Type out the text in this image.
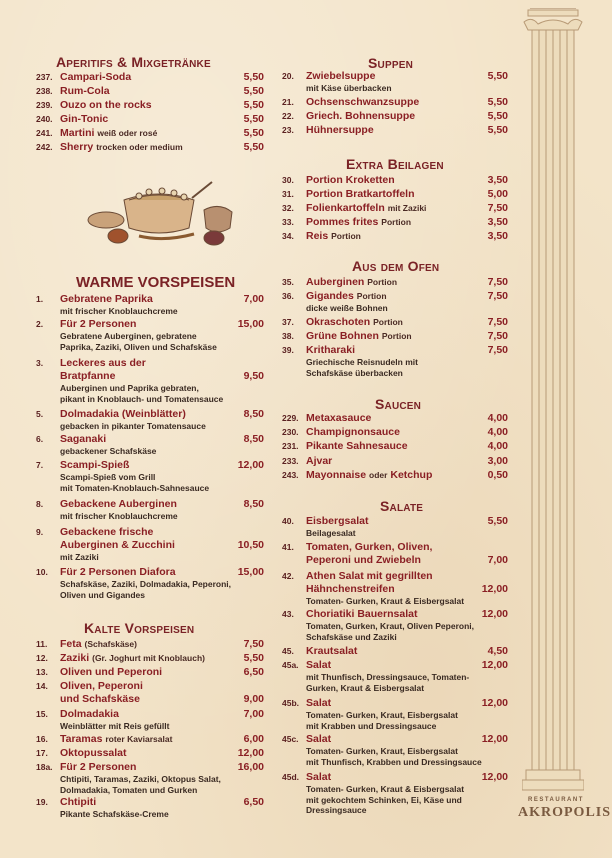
Aperitifs & Mixgetränke
237. Campari-Soda	5,50
238. Rum-Cola	5,50
239. Ouzo on the rocks	5,50
240. Gin-Tonic	5,50
241. Martini weiß oder rosé	5,50
242. Sherry trocken oder medium	5,50
WARME VORSPEISEN
1.	Gebratene Paprika	7,00
mit frischer Knoblauchcreme
2.	Für 2 Personen	15,00
Gebratene Auberginen, gebratene
Paprika, Zaziki, Oliven und Schafskäse
3.	Leckeres aus der
Bratpfanne	9,50
Auberginen und Paprika gebraten,
pikant in Knoblauch- und Tomatensauce
5.	Dolmadakia (Weinblätter)	8,50
gebacken in pikanter Tomatensauce
6.	Saganaki	8,50
gebackener Schafskäse
7.	Scampi-Spieß	12,00
Scampi-Spieß vom Grill
mit Tomaten-Knoblauch-Sahnesauce
8.	Gebackene Auberginen	8,50
mit frischer Knoblauchcreme
9.	Gebackene frische
Auberginen & Zucchini	10,50
mit Zaziki
10.	Für 2 Personen Diafora	15,00
Schafskäse, Zaziki, Dolmadakia, Peperoni,
Oliven und Gigandes
Kalte Vorspeisen
11.	Feta (Schafskäse)	7,50
12.	Zaziki (Gr. Joghurt mit Knoblauch)	5,50
13.	Oliven und Peperoni	6,50
14.	Oliven, Peperoni
und Schafskäse	9,00
15.	Dolmadakia	7,00
Weinblätter mit Reis gefüllt
16.	Taramas roter Kaviarsalat	6,00
17.	Oktopussalat	12,00
18a. Für 2 Personen	16,00
Chtipiti, Taramas, Zaziki, Oktopus Salat,
Dolmadakia, Tomaten und Gurken
19.	Chtipiti	6,50
Pikante Schafskäse-Creme
Suppen
20.	Zwiebelsuppe	5,50
mit Käse überbacken
21.	Ochsenschwanzsuppe	5,50
22.	Griech. Bohnensuppe	5,50
23.	Hühnersuppe	5,50
Extra Beilagen
30.	Portion Kroketten	3,50
31.	Portion Bratkartoffeln	5,00
32.	Folienkartoffeln mit Zaziki	7,50
33.	Pommes frites Portion	3,50
34.	Reis Portion	3,50
Aus dem Ofen
35.	Auberginen Portion	7,50
36.	Gigandes Portion	7,50
dicke weiße Bohnen
37.	Okraschoten Portion	7,50
38.	Grüne Bohnen Portion	7,50
39.	Kritharaki	7,50
Griechische Reisnudeln mit
Schafskäse überbacken
Saucen
229. Metaxasauce	4,00
230. Champignonsauce	4,00
231. Pikante Sahnesauce	4,00
233. Ajvar	3,00
243. Mayonnaise oder Ketchup	0,50
Salate
40.	Eisbergsalat	5,50
Beilagesalat
41.	Tomaten, Gurken, Oliven,
Peperoni und Zwiebeln	7,00
42.	Athen Salat mit gegrillten
Hähnchenstreifen	12,00
Tomaten- Gurken, Kraut & Eisbergsalat
43.	Choriatiki Bauernsalat	12,00
Tomaten, Gurken, Kraut, Oliven Peperoni,
Schafskäse und Zaziki
45.	Krautsalat	4,50
45a. Salat	12,00
mit Thunfisch, Dressingsauce, Tomaten-
Gurken, Kraut & Eisbergsalat
45b. Salat	12,00
Tomaten- Gurken, Kraut, Eisbergsalat
mit Krabben und Dressingsauce
45c. Salat	12,00
Tomaten- Gurken, Kraut, Eisbergsalat
mit Thunfisch, Krabben und Dressingsauce
45d. Salat	12,00
Tomaten- Gurken, Kraut & Eisbergsalat
mit gekochtem Schinken, Ei, Käse und
Dressingsauce
RESTAURANT
AKROPOLIS
